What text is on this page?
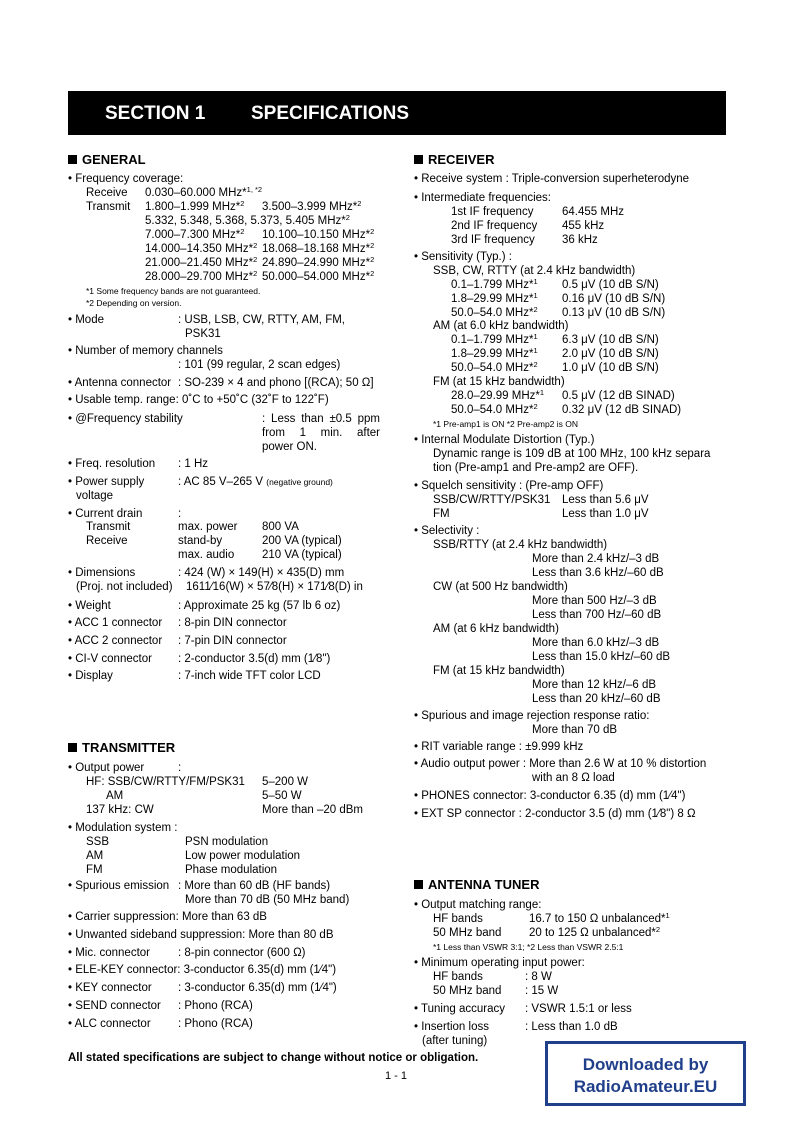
SECTION 1 SPECIFICATIONS
GENERAL
• Frequency coverage:
Receive 0.030–60.000 MHz*$^{1, *2}$
Transmit 1.800–1.999 MHz*$^2$ 3.500–3.999 MHz*$^2$
5.332, 5.348, 5.368, 5.373, 5.405 MHz*$^2$
7.000–7.300 MHz*$^2$ 10.100–10.150 MHz*$^2$
14.000–14.350 MHz*$^2$ 18.068–18.168 MHz*$^2$
21.000–21.450 MHz*$^2$ 24.890–24.990 MHz*$^2$
28.000–29.700 MHz*$^2$ 50.000–54.000 MHz*$^2$
*1 Some frequency bands are not guaranteed.
*2 Depending on version.
• Mode	: USB, LSB, CW, RTTY, AM, FM,
PSK31
• Number of memory channels
: 101 (99 regular, 2 scan edges)
• Antenna connector : SO-239 × 4 and phono [(RCA); 50 Ω]
• Usable temp. range: 0˚C to +50˚C (32˚F to 122˚F)
• @Frequency stability	: Less than ±0.5 ppm from 1 min. after power ON.
• Freq. resolution : 1 Hz
• Power supply
voltage
: AC 85 V–265 V (negative ground)
• Current drain	:
Transmit	max. power 800 VA
Receive	stand-by	200 VA (typical)
max. audio 210 VA (typical)
• Dimensions
(Proj. not included)
: 424 (W) × 149(H) × 435(D) mm
1611⁄16(W) × 57⁄8(H) × 171⁄8(D) in
• Weight	: Approximate 25 kg (57 lb 6 oz)
• ACC 1 connector : 8-pin DIN connector
• ACC 2 connector : 7-pin DIN connector
• CI-V connector : 2-conductor 3.5(d) mm (1⁄8")
• Display	: 7-inch wide TFT color LCD
TRANSMITTER
• Output power	:
HF: SSB/CW/RTTY/FM/PSK31 5–200 W
AM	5–50 W
137 kHz: CW	More than –20 dBm
• Modulation system :
SSB	PSN modulation
AM	Low power modulation
FM	Phase modulation
• Spurious emission : More than 60 dB (HF bands)
More than 70 dB (50 MHz band)
• Carrier suppression: More than 63 dB
• Unwanted sideband suppression: More than 80 dB
• Mic. connector : 8-pin connector (600 Ω)
• ELE-KEY connector: 3-conductor 6.35(d) mm (1⁄4")
• KEY connector : 3-conductor 6.35(d) mm (1⁄4")
• SEND connector : Phono (RCA)
• ALC connector : Phono (RCA)
RECEIVER
• Receive system : Triple-conversion superheterodyne
• Intermediate frequencies:
1st IF frequency 64.455 MHz
2nd IF frequency 455 kHz
3rd IF frequency 36 kHz
• Sensitivity (Typ.) :
SSB, CW, RTTY (at 2.4 kHz bandwidth)
0.1–1.799 MHz*$^1$ 0.5 μV (10 dB S/N)
1.8–29.99 MHz*$^1$ 0.16 μV (10 dB S/N)
50.0–54.0 MHz*$^2$ 0.13 μV (10 dB S/N)
AM (at 6.0 kHz bandwidth)
0.1–1.799 MHz*$^1$ 6.3 μV (10 dB S/N)
1.8–29.99 MHz*$^1$ 2.0 μV (10 dB S/N)
50.0–54.0 MHz*$^2$ 1.0 μV (10 dB S/N)
FM (at 15 kHz bandwidth)
28.0–29.99 MHz*$^1$ 0.5 μV (12 dB SINAD)
50.0–54.0 MHz*$^2$ 0.32 μV (12 dB SINAD)
*1 Pre-amp1 is ON *2 Pre-amp2 is ON
• Internal Modulate Distortion (Typ.)
Dynamic range is 109 dB at 100 MHz, 100 kHz separa
tion (Pre-amp1 and Pre-amp2 are OFF).
• Squelch sensitivity : (Pre-amp OFF)
SSB/CW/RTTY/PSK31 Less than 5.6 μV
FM	Less than 1.0 μV
• Selectivity :
SSB/RTTY (at 2.4 kHz bandwidth)
More than 2.4 kHz/–3 dB
Less than 3.6 kHz/–60 dB
CW (at 500 Hz bandwidth)
More than 500 Hz/–3 dB
Less than 700 Hz/–60 dB
AM (at 6 kHz bandwidth)
More than 6.0 kHz/–3 dB
Less than 15.0 kHz/–60 dB
FM (at 15 kHz bandwidth)
More than 12 kHz/–6 dB
Less than 20 kHz/–60 dB
• Spurious and image rejection response ratio:
More than 70 dB
• RIT variable range : ±9.999 kHz
• Audio output power : More than 2.6 W at 10 % distortion
with an 8 Ω load
• PHONES connector: 3-conductor 6.35 (d) mm (1⁄4")
• EXT SP connector : 2-conductor 3.5 (d) mm (1⁄8") 8 Ω
ANTENNA TUNER
• Output matching range:
HF bands	16.7 to 150 Ω unbalanced*$^1$
50 MHz band 20 to 125 Ω unbalanced*$^2$
*1 Less than VSWR 3:1; *2 Less than VSWR 2.5:1
• Minimum operating input power:
HF bands	: 8 W
50 MHz band : 15 W
• Tuning accuracy : VSWR 1.5:1 or less
• Insertion loss
(after tuning)
: Less than 1.0 dB
All stated specifications are subject to change without notice or obligation.
1 - 1
Downloaded by
RadioAmateur.EU
